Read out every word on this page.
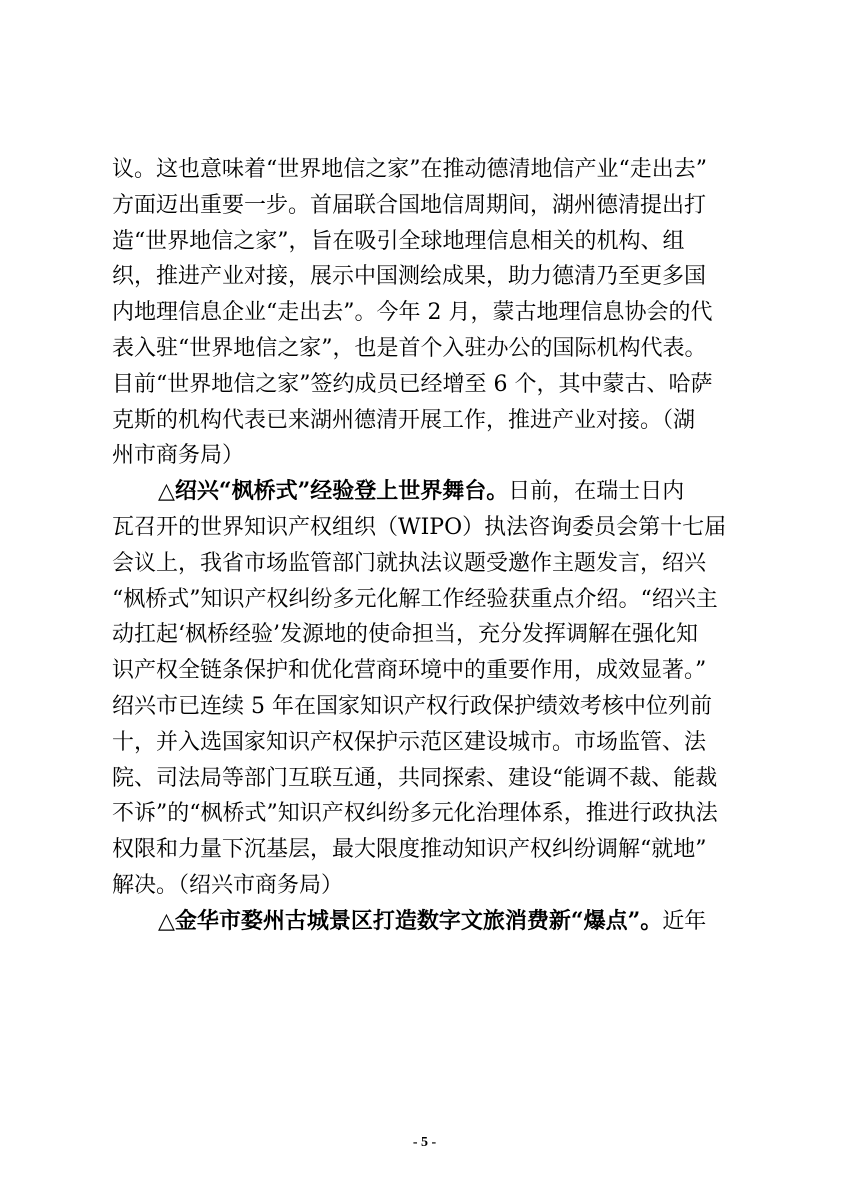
议。这也意味着“世界地信之家”在推动德清地信产业“走出去”
方面迈出重要一步。首届联合国地信周期间，湖州德清提出打
造“世界地信之家”，旨在吸引全球地理信息相关的机构、组
织，推进产业对接，展示中国测绘成果，助力德清乃至更多国
内地理信息企业“走出去”。今年 2 月，蒙古地理信息协会的代
表入驻“世界地信之家”，也是首个入驻办公的国际机构代表。
目前“世界地信之家”签约成员已经增至 6 个，其中蒙古、哈萨
克斯的机构代表已来湖州德清开展工作，推进产业对接。（湖
州市商务局）
△绍兴“枫桥式”经验登上世界舞台。日前，在瑞士日内
瓦召开的世界知识产权组织（WIPO）执法咨询委员会第十七届
会议上，我省市场监管部门就执法议题受邀作主题发言，绍兴
“枫桥式”知识产权纠纷多元化解工作经验获重点介绍。“绍兴主
动扛起‘枫桥经验’发源地的使命担当，充分发挥调解在强化知
识产权全链条保护和优化营商环境中的重要作用，成效显著。”
绍兴市已连续 5 年在国家知识产权行政保护绩效考核中位列前
十，并入选国家知识产权保护示范区建设城市。市场监管、法
院、司法局等部门互联互通，共同探索、建设“能调不裁、能裁
不诉”的“枫桥式”知识产权纠纷多元化治理体系，推进行政执法
权限和力量下沉基层，最大限度推动知识产权纠纷调解“就地”
解决。（绍兴市商务局）
△金华市婺州古城景区打造数字文旅消费新“爆点”。近年
- 5 -
